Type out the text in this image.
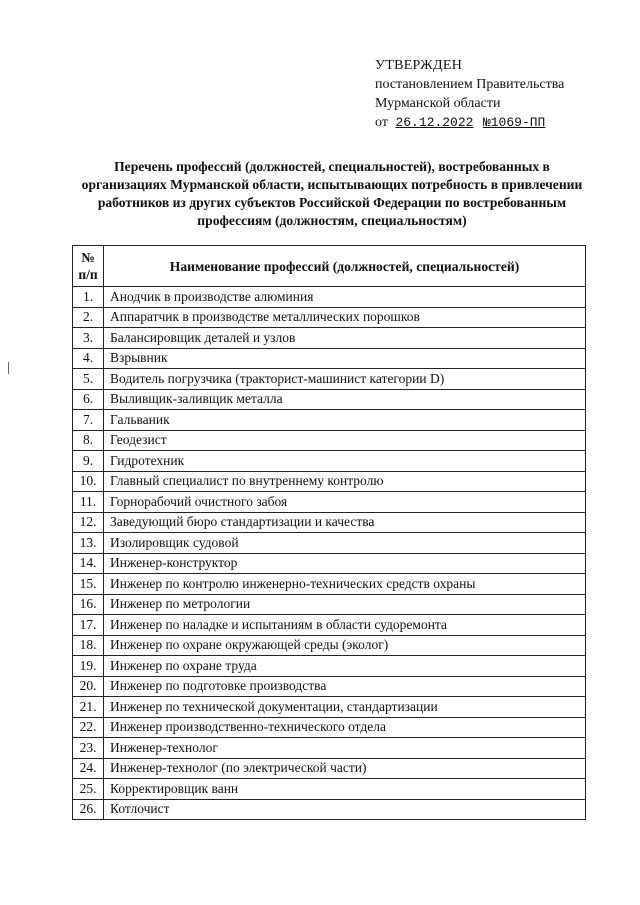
УТВЕРЖДЕН
постановлением Правительства
Мурманской области
от 26.12.2022 №1069-ПП
Перечень профессий (должностей, специальностей), востребованных в организациях Мурманской области, испытывающих потребность в привлечении работников из других субъектов Российской Федерации по востребованным профессиям (должностям, специальностям)
№
п/п	Наименование профессий (должностей, специальностей)
1.	Анодчик в производстве алюминия
2.	Аппаратчик в производстве металлических порошков
3.	Балансировщик деталей и узлов
4.	Взрывник
5.	Водитель погрузчика (тракторист-машинист категории D)
6.	Выливщик-заливщик металла
7.	Гальваник
8.	Геодезист
9.	Гидротехник
10.	Главный специалист по внутреннему контролю
11.	Горнорабочий очистного забоя
12.	Заведующий бюро стандартизации и качества
13.	Изолировщик судовой
14.	Инженер-конструктор
15.	Инженер по контролю инженерно-технических средств охраны
16.	Инженер по метрологии
17.	Инженер по наладке и испытаниям в области судоремонта
18.	Инженер по охране окружающей среды (эколог)
19.	Инженер по охране труда
20.	Инженер по подготовке производства
21.	Инженер по технической документации, стандартизации
22.	Инженер производственно-технического отдела
23.	Инженер-технолог
24.	Инженер-технолог (по электрической части)
25.	Корректировщик ванн
26.	Котлочист
